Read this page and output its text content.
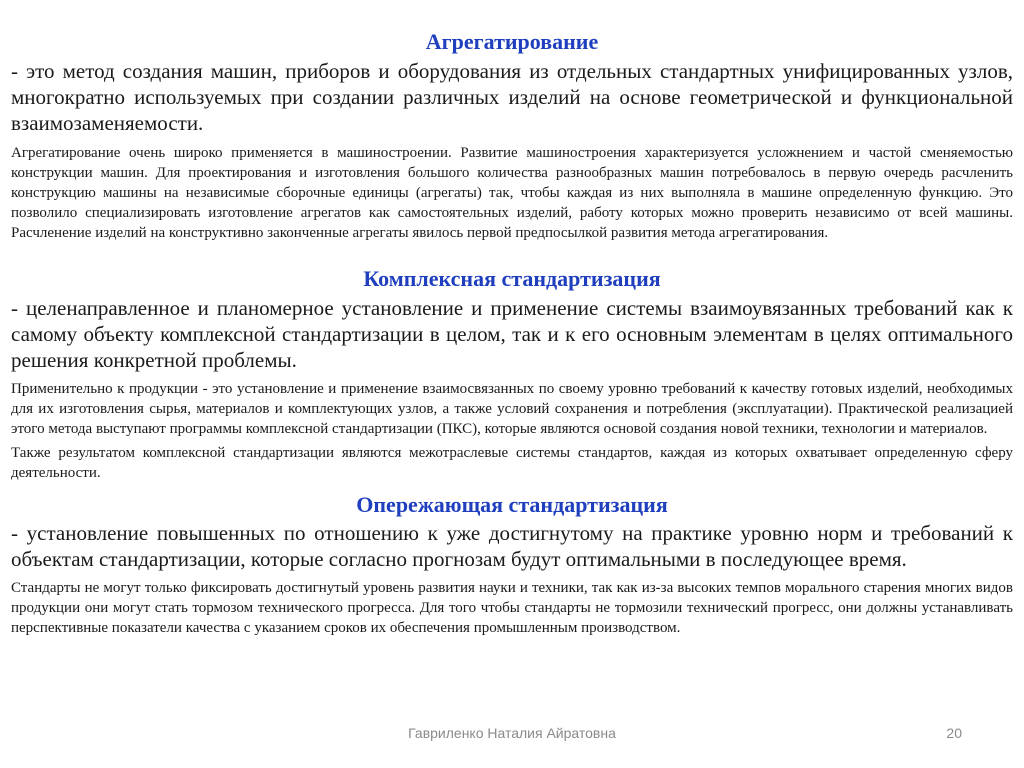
Агрегатирование

- это метод создания машин, приборов и оборудования из отдельных стандартных унифицированных узлов, многократно используемых при создании различных изделий на основе геометрической и функциональной взаимозаменяемости.

Агрегатирование очень широко применяется в машиностроении. Развитие машиностроения характеризуется усложнением и частой сменяемостью конструкции машин. Для проектирования и изготовления большого количества разнообразных машин потребовалось в первую очередь расчленить конструкцию машины на независимые сборочные единицы (агрегаты) так, чтобы каждая из них выполняла в машине определенную функцию. Это позволило специализировать изготовление агрегатов как самостоятельных изделий, работу которых можно проверить независимо от всей машины. Расчленение изделий на конструктивно законченные агрегаты явилось первой предпосылкой развития метода агрегатирования.

Комплексная стандартизация

- целенаправленное и планомерное установление и применение системы взаимоувязанных требований как к самому объекту комплексной стандартизации в целом, так и к его основным элементам в целях оптимального решения конкретной проблемы.

Применительно к продукции - это установление и применение взаимосвязанных по своему уровню требований к качеству готовых изделий, необходимых для их изготовления сырья, материалов и комплектующих узлов, а также условий сохранения и потребления (эксплуатации). Практической реализацией этого метода выступают программы комплексной стандартизации (ПКС), которые являются основой создания новой техники, технологии и материалов.

Также результатом комплексной стандартизации являются межотраслевые системы стандартов, каждая из которых охватывает определенную сферу деятельности.

Опережающая стандартизация

- установление повышенных по отношению к уже достигнутому на практике уровню норм и требований к объектам стандартизации, которые согласно прогнозам будут оптимальными в последующее время.

Стандарты не могут только фиксировать достигнутый уровень развития науки и техники, так как из-за высоких темпов морального старения многих видов продукции они могут стать тормозом технического прогресса. Для того чтобы стандарты не тормозили технический прогресс, они должны устанавливать перспективные показатели качества с указанием сроков их обеспечения промышленным производством.

Гавриленко Наталия Айратовна	20
